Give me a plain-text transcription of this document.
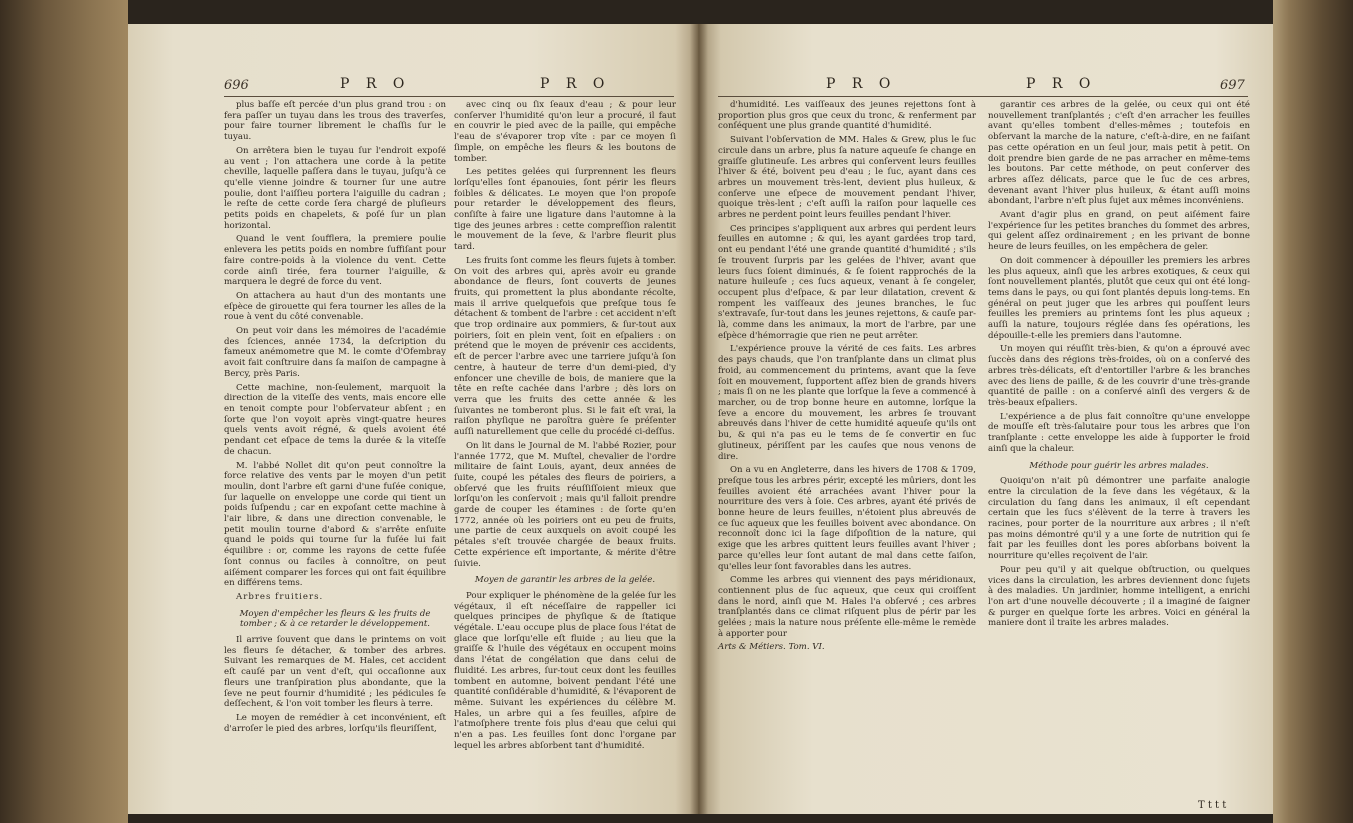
696	P R O	P R O

plus baſſe eſt percée d'un plus grand trou : on fera paſſer un tuyau dans les trous des traverſes, pour faire tourner librement le chaſſis ſur le tuyau.

On arrêtera bien le tuyau ſur l'endroit expoſé au vent ; l'on attachera une corde à la petite cheville, laquelle paſſera dans le tuyau, juſqu'à ce qu'elle vienne joindre & tourner ſur une autre poulie, dont l'aiſſieu portera l'aiguille du cadran ; le reſte de cette corde ſera chargé de pluſieurs petits poids en chapelets, & poſé ſur un plan horizontal.

Quand le vent ſoufflera, la premiere poulie enlevera les petits poids en nombre ſuffiſant pour faire contre-poids à la violence du vent. Cette corde ainſi tirée, fera tourner l'aiguille, & marquera le degré de force du vent.

On attachera au haut d'un des montants une eſpèce de girouette qui fera tourner les aîles de la roue à vent du côté convenable.

On peut voir dans les mémoires de l'académie des ſciences, année 1734, la deſcription du fameux anémometre que M. le comte d'Ofembray avoit fait conſtruire dans ſa maiſon de campagne à Bercy, près Paris.

Cette machine, non-ſeulement, marquoit la direction de la viteſſe des vents, mais encore elle en tenoit compte pour l'obſervateur abſent ; en ſorte que l'on voyoit après vingt-quatre heures quels vents avoit régné, & quels avoient été pendant cet eſpace de tems la durée & la viteſſe de chacun.

M. l'abbé Nollet dit qu'on peut connoître la force relative des vents par le moyen d'un petit moulin, dont l'arbre eſt garni d'une fuſée conique, ſur laquelle on enveloppe une corde qui tient un poids ſuſpendu ; car en expoſant cette machine à l'air libre, & dans une direction convenable, le petit moulin tourne d'abord & s'arrête enſuite quand le poids qui tourne ſur la fuſée lui fait équilibre : or, comme les rayons de cette fuſée ſont connus ou faciles à connoître, on peut aiſément comparer les forces qui ont fait équilibre en différens tems.

Arbres fruitiers.

Moyen d'empêcher les fleurs & les fruits de tomber ; & à ce retarder le développement.

Il arrive ſouvent que dans le printems on voit les fleurs ſe détacher, & tomber des arbres. Suivant les remarques de M. Hales, cet accident eſt cauſé par un vent d'eſt, qui occaſionne aux fleurs une tranſpiration plus abondante, que la ſeve ne peut fournir d'humidité ; les pédicules ſe deſſechent, & l'on voit tomber les fleurs à terre.

Le moyen de remédier à cet inconvénient, eſt d'arroſer le pied des arbres, lorſqu'ils fleuriſſent,

avec cinq ou ſix ſeaux d'eau ; & pour leur conſerver l'humidité qu'on leur a procuré, il faut en couvrir le pied avec de la paille, qui empêche l'eau de s'évaporer trop vîte : par ce moyen ſi ſimple, on empêche les fleurs & les boutons de tomber.

Les petites gelées qui ſurprennent les fleurs lorſqu'elles ſont épanouies, ſont périr les fleurs foibles & délicates. Le moyen que l'on propoſe pour retarder le développement des fleurs, conſiſte à faire une ligature dans l'automne à la tige des jeunes arbres : cette compreſſion ralentit le mouvement de la ſeve, & l'arbre fleurit plus tard.

Les fruits ſont comme les fleurs ſujets à tomber. On voit des arbres qui, après avoir eu grande abondance de fleurs, ſont couverts de jeunes fruits, qui promettent la plus abondante récolte, mais il arrive quelquefois que preſque tous ſe détachent & tombent de l'arbre : cet accident n'eſt que trop ordinaire aux pommiers, & ſur-tout aux poiriers, ſoit en plein vent, ſoit en eſpaliers : on prétend que le moyen de prévenir ces accidents, eſt de percer l'arbre avec une tarriere juſqu'à ſon centre, à hauteur de terre d'un demi-pied, d'y enfoncer une cheville de bois, de maniere que la tête en reſte cachée dans l'arbre ; dès lors on verra que les fruits des cette année & les ſuivantes ne tomberont plus. Si le fait eſt vrai, la raiſon phyſique ne paroîtra guère ſe préſenter auſſi naturellement que celle du procédé ci-deſſus.

On lit dans le Journal de M. l'abbé Rozier, pour l'année 1772, que M. Muſtel, chevalier de l'ordre militaire de ſaint Louis, ayant, deux années de ſuite, coupé les pétales des fleurs de poiriers, a obſervé que les fruits réuſſiſſoient mieux que lorſqu'on les conſervoit ; mais qu'il falloit prendre garde de couper les étamines : de ſorte qu'en 1772, année où les poiriers ont eu peu de fruits, une partie de ceux auxquels on avoit coupé les pétales s'eſt trouvée chargée de beaux fruits. Cette expérience eſt importante, & mérite d'être ſuivie.

Moyen de garantir les arbres de la gelée.

Pour expliquer le phénomène de la gelée ſur les végétaux, il eſt néceſſaire de rappeller ici quelques principes de phyſique & de ſtatique végétale. L'eau occupe plus de place ſous l'état de glace que lorſqu'elle eſt fluide ; au lieu que la graiſſe & l'huile des végétaux en occupent moins dans l'état de congélation que dans celui de fluidité. Les arbres, ſur-tout ceux dont les feuilles tombent en automne, boivent pendant l'été une quantité conſidérable d'humidité, & l'évaporent de même. Suivant les expériences du célèbre M. Hales, un arbre qui a ſes feuilles, aſpire de l'atmoſphere trente fois plus d'eau que celui qui n'en a pas. Les feuilles ſont donc l'organe par lequel les arbres abſorbent tant d'humidité.

P R O	P R O	697

d'humidité. Les vaiſſeaux des jeunes rejettons ſont à proportion plus gros que ceux du tronc, & renferment par conſéquent une plus grande quantité d'humidité.

Suivant l'obſervation de MM. Hales & Grew, plus le ſuc circule dans un arbre, plus ſa nature aqueuſe ſe change en graiſſe glutineuſe. Les arbres qui conſervent leurs feuilles l'hiver & été, boivent peu d'eau ; le ſuc, ayant dans ces arbres un mouvement très-lent, devient plus huileux, & conſerve une eſpece de mouvement pendant l'hiver, quoique très-lent ; c'eſt auſſi la raiſon pour laquelle ces arbres ne perdent point leurs feuilles pendant l'hiver.

Ces principes s'appliquent aux arbres qui perdent leurs feuilles en automne ; & qui, les ayant gardées trop tard, ont eu pendant l'été une grande quantité d'humidité ; s'ils ſe trouvent ſurpris par les gelées de l'hiver, avant que leurs ſucs ſoient diminués, & ſe ſoient rapprochés de la nature huileuſe ; ces ſucs aqueux, venant à ſe congeler, occupent plus d'eſpace, & par leur dilatation, crevent & rompent les vaiſſeaux des jeunes branches, le ſuc s'extravaſe, ſur-tout dans les jeunes rejettons, & cauſe par-là, comme dans les animaux, la mort de l'arbre, par une eſpèce d'hémorragie que rien ne peut arrêter.

L'expérience prouve la vérité de ces faits. Les arbres des pays chauds, que l'on tranſplante dans un climat plus froid, au commencement du printems, avant que la ſeve ſoit en mouvement, ſupportent aſſez bien de grands hivers ; mais ſi on ne les plante que lorſque la ſeve a commencé à marcher, ou de trop bonne heure en automne, lorſque la ſeve a encore du mouvement, les arbres ſe trouvant abreuvés dans l'hiver de cette humidité aqueuſe qu'ils ont bu, & qui n'a pas eu le tems de ſe convertir en ſuc glutineux, périſſent par les cauſes que nous venons de dire.

On a vu en Angleterre, dans les hivers de 1708 & 1709, preſque tous les arbres périr, excepté les mûriers, dont les feuilles avoient été arrachées avant l'hiver pour la nourriture des vers à ſoie. Ces arbres, ayant été privés de bonne heure de leurs feuilles, n'étoient plus abreuvés de ce ſuc aqueux que les feuilles boivent avec abondance. On reconnoît donc ici la ſage diſpoſition de la nature, qui exige que les arbres quittent leurs feuilles avant l'hiver ; parce qu'elles leur ſont autant de mal dans cette ſaiſon, qu'elles leur ſont favorables dans les autres.

Comme les arbres qui viennent des pays méridionaux, contiennent plus de ſuc aqueux, que ceux qui croiſſent dans le nord, ainſi que M. Hales l'a obſervé ; ces arbres tranſplantés dans ce climat riſquent plus de périr par les gelées ; mais la nature nous préſente elle-même le remède à apporter pour

Arts & Métiers. Tom. VI.

garantir ces arbres de la gelée, ou ceux qui ont été nouvellement tranſplantés ; c'eſt d'en arracher les feuilles avant qu'elles tombent d'elles-mêmes ; toutefois en obſervant la marche de la nature, c'eſt-à-dire, en ne faiſant pas cette opération en un ſeul jour, mais petit à petit. On doit prendre bien garde de ne pas arracher en même-tems les boutons. Par cette méthode, on peut conſerver des arbres aſſez délicats, parce que le ſuc de ces arbres, devenant avant l'hiver plus huileux, & étant auſſi moins abondant, l'arbre n'eſt plus ſujet aux mêmes inconvéniens.

Avant d'agir plus en grand, on peut aiſément faire l'expérience ſur les petites branches du ſommet des arbres, qui gelent aſſez ordinairement ; en les privant de bonne heure de leurs feuilles, on les empêchera de geler.

On doit commencer à dépouiller les premiers les arbres les plus aqueux, ainſi que les arbres exotiques, & ceux qui ſont nouvellement plantés, plutôt que ceux qui ont été long-tems dans le pays, ou qui ſont plantés depuis long-tems. En général on peut juger que les arbres qui pouſſent leurs feuilles les premiers au printems ſont les plus aqueux ; auſſi la nature, toujours réglée dans ſes opérations, les dépouille-t-elle les premiers dans l'automne.

Un moyen qui réuſſit très-bien, & qu'on a éprouvé avec ſuccès dans des régions très-froides, où on a conſervé des arbres très-délicats, eſt d'entortiller l'arbre & les branches avec des liens de paille, & de les couvrir d'une très-grande quantité de paille : on a conſervé ainſi des vergers & de très-beaux eſpaliers.

L'expérience a de plus fait connoître qu'une enveloppe de mouſſe eſt très-ſalutaire pour tous les arbres que l'on tranſplante : cette enveloppe les aide à ſupporter le froid ainſi que la chaleur.

Méthode pour guérir les arbres malades.

Quoiqu'on n'ait pû démontrer une parfaite analogie entre la circulation de la ſeve dans les végétaux, & la circulation du ſang dans les animaux, il eſt cependant certain que les ſucs s'élèvent de la terre à travers les racines, pour porter de la nourriture aux arbres ; il n'eſt pas moins démontré qu'il y a une ſorte de nutrition qui ſe fait par les feuilles dont les pores abſorbans boivent la nourriture qu'elles reçoivent de l'air.

Pour peu qu'il y ait quelque obſtruction, ou quelques vices dans la circulation, les arbres deviennent donc ſujets à des maladies. Un jardinier, homme intelligent, a enrichi l'on art d'une nouvelle découverte ; il a imaginé de ſaigner & purger en quelque ſorte les arbres. Voici en général la maniere dont il traite les arbres malades.

T t t t
